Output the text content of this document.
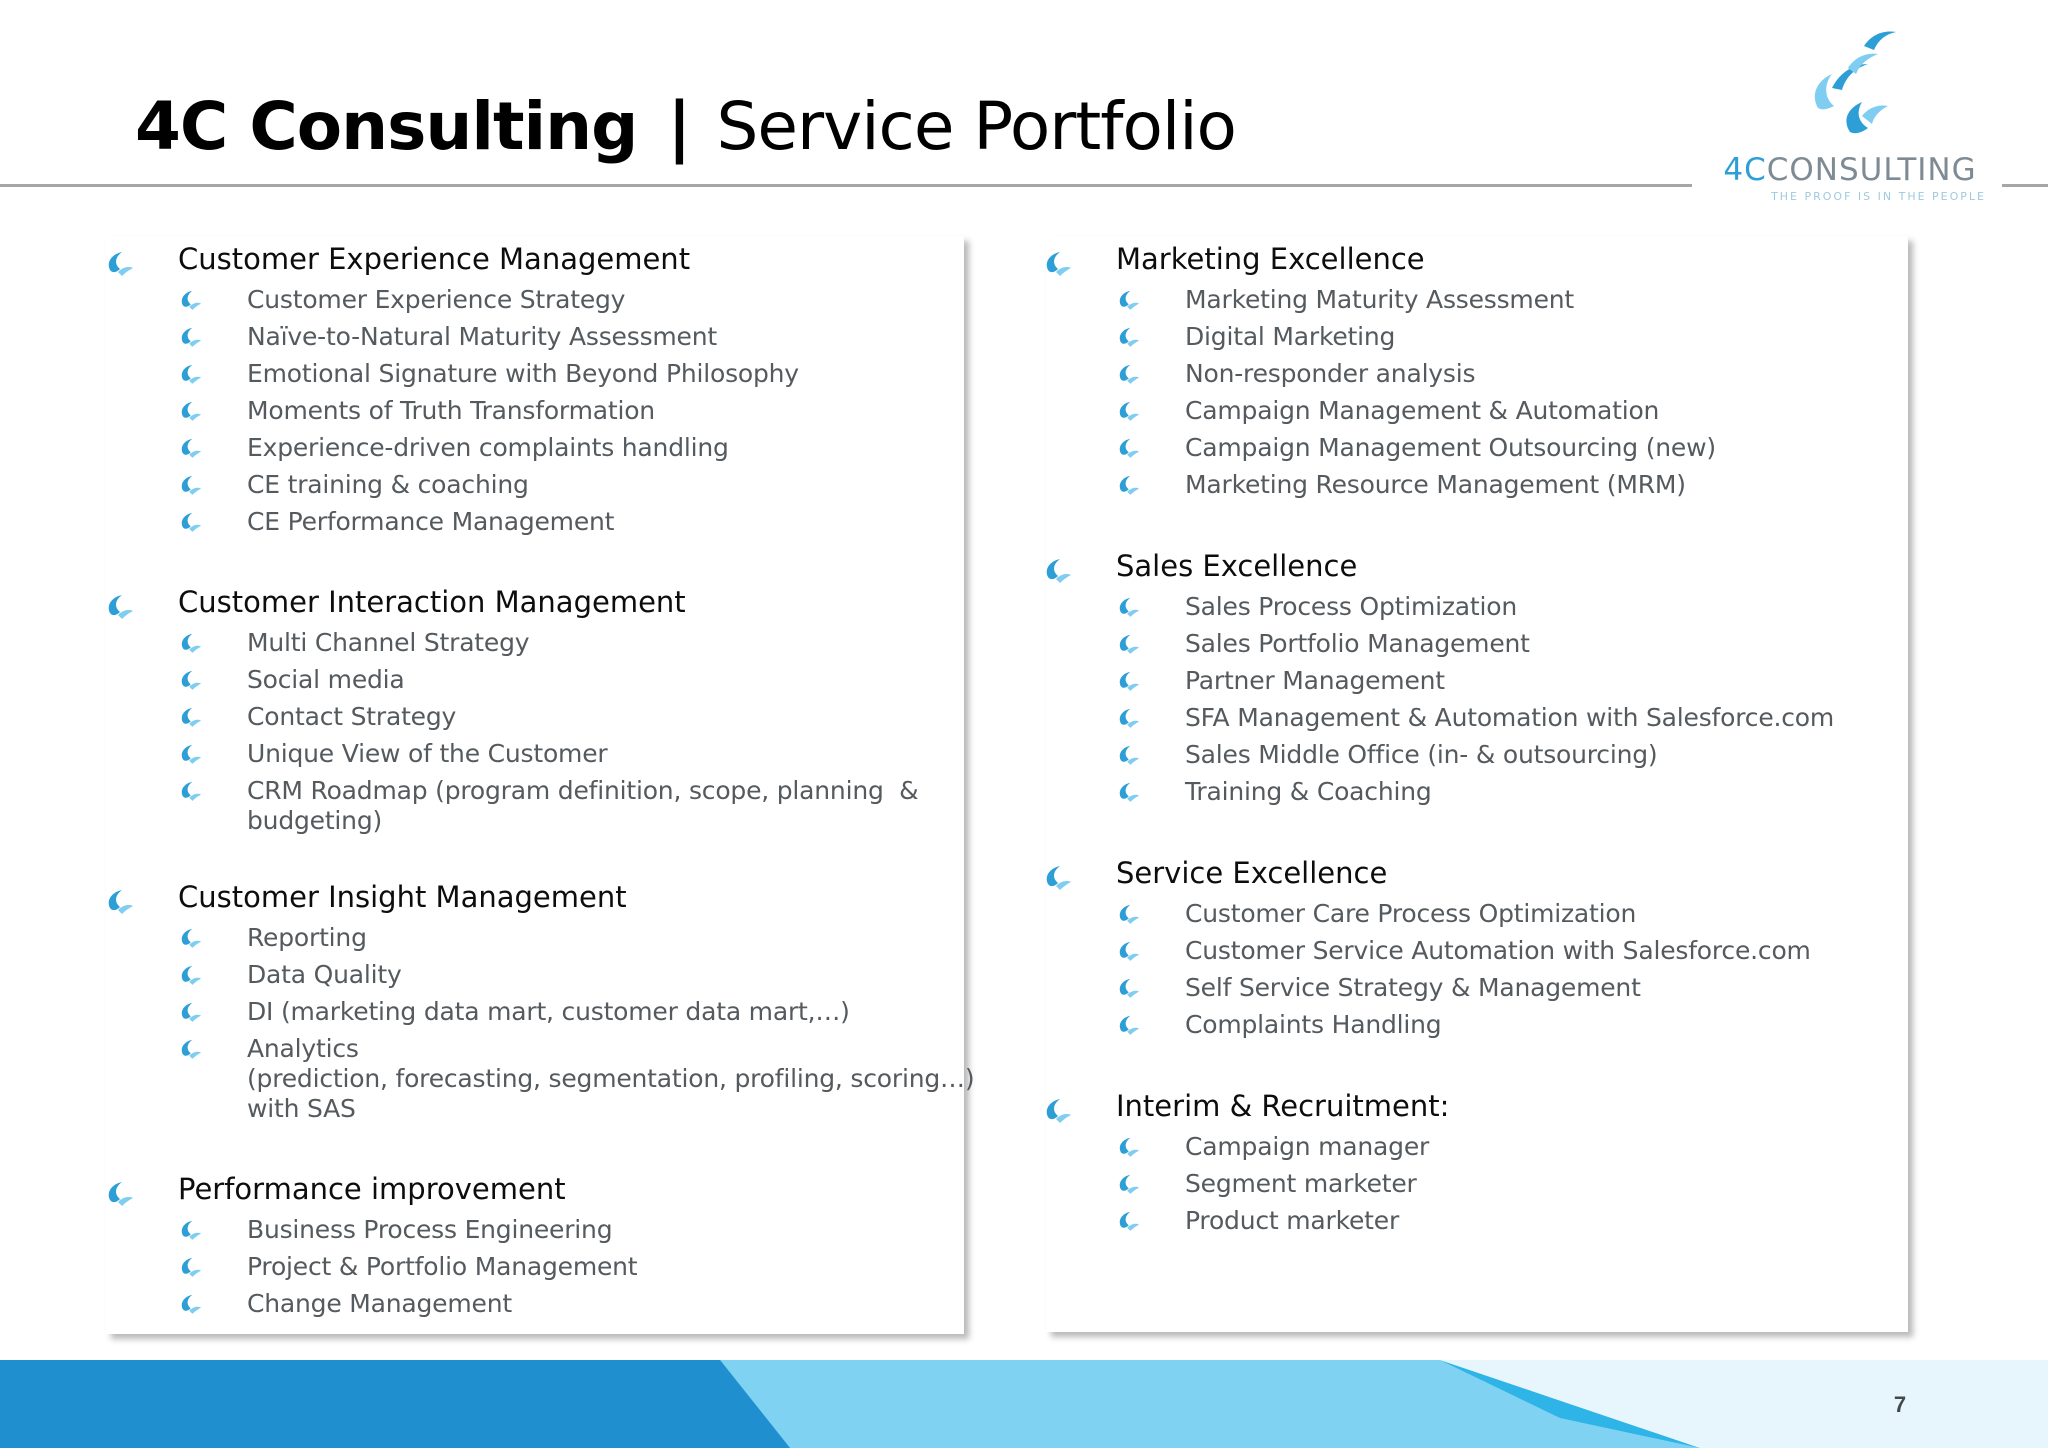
4C Consulting | Service Portfolio
4CCONSULTING
THE PROOF IS IN THE PEOPLE
Customer Experience Management
Customer Experience Strategy
Naïve-to-Natural Maturity Assessment
Emotional Signature with Beyond Philosophy
Moments of Truth Transformation
Experience-driven complaints handling
CE training & coaching
CE Performance Management
Customer Interaction Management
Multi Channel Strategy
Social media
Contact Strategy
Unique View of the Customer
CRM Roadmap (program definition, scope, planning  &
budgeting)
Customer Insight Management
Reporting
Data Quality
DI (marketing data mart, customer data mart,…)
Analytics
(prediction, forecasting, segmentation, profiling, scoring…)
with SAS
Performance improvement
Business Process Engineering
Project & Portfolio Management
Change Management
Marketing Excellence
Marketing Maturity Assessment
Digital Marketing
Non-responder analysis
Campaign Management & Automation
Campaign Management Outsourcing (new)
Marketing Resource Management (MRM)
Sales Excellence
Sales Process Optimization
Sales Portfolio Management
Partner Management
SFA Management & Automation with Salesforce.com
Sales Middle Office (in- & outsourcing)
Training & Coaching
Service Excellence
Customer Care Process Optimization
Customer Service Automation with Salesforce.com
Self Service Strategy & Management
Complaints Handling
Interim & Recruitment:
Campaign manager
Segment marketer
Product marketer
7
